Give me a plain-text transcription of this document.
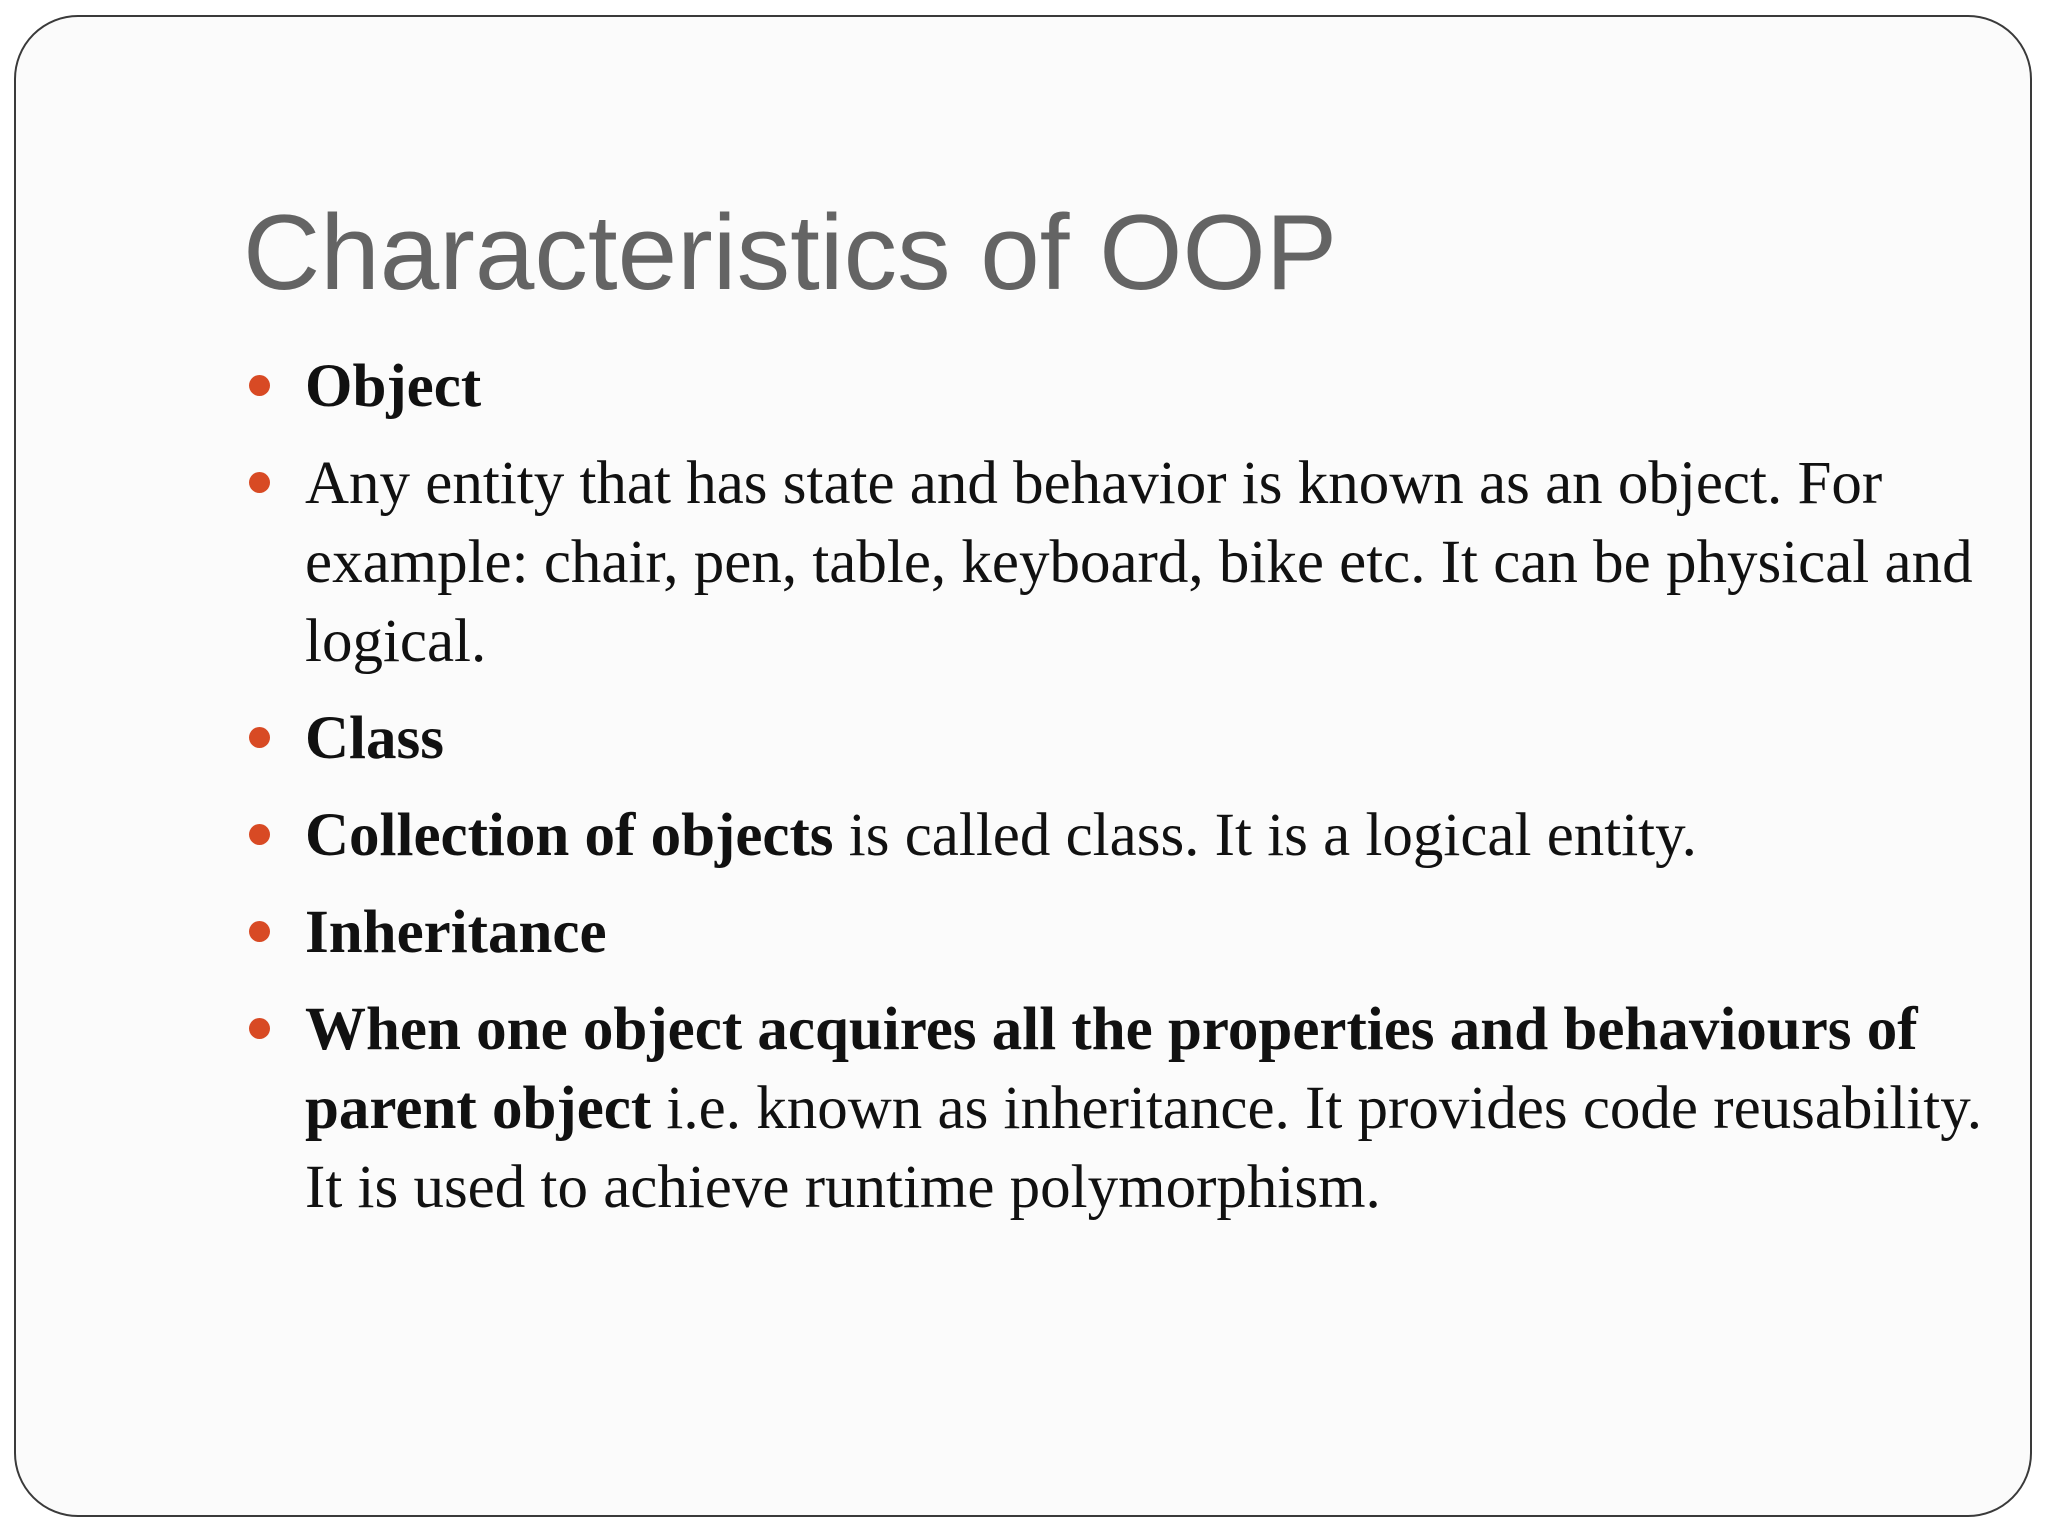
Characteristics of OOP
Object
Any entity that has state and behavior is known as an object. For example: chair, pen, table, keyboard, bike etc. It can be physical and logical.
Class
Collection of objects is called class. It is a logical entity.
Inheritance
When one object acquires all the properties and behaviours of parent object i.e. known as inheritance. It provides code reusability. It is used to achieve runtime polymorphism.
